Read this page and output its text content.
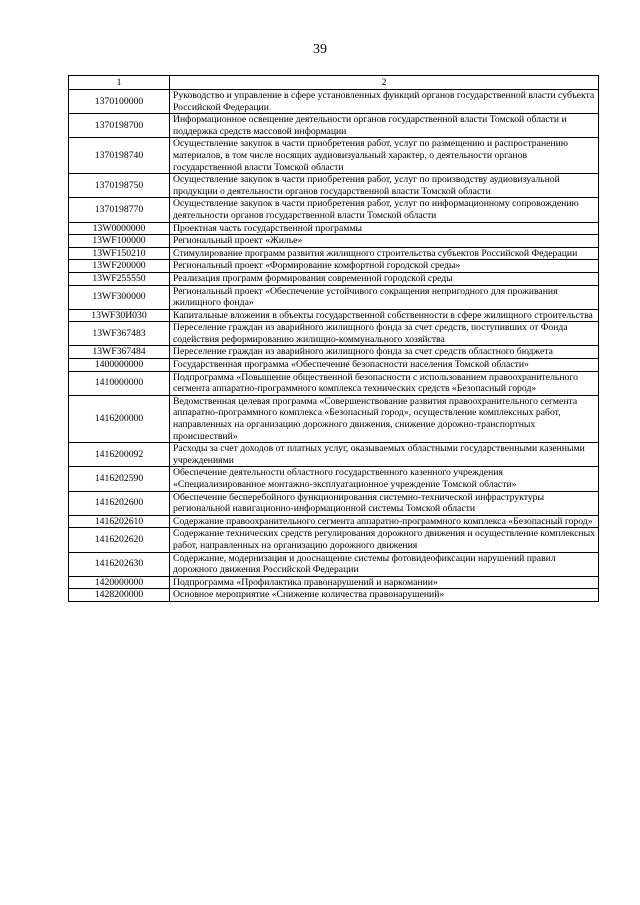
39
1	2
1370100000	Руководство и управление в сфере установленных функций органов государственной власти субъекта Российской Федерации
1370198700	Информационное освещение деятельности органов государственной власти Томской области и поддержка средств массовой информации
1370198740	Осуществление закупок в части приобретения работ, услуг по размещению и распространению материалов, в том числе носящих аудиовизуальный характер, о деятельности органов государственной власти Томской области
1370198750	Осуществление закупок в части приобретения работ, услуг по производству аудиовизуальной продукции о деятельности органов государственной власти Томской области
1370198770	Осуществление закупок в части приобретения работ, услуг по информационному сопровождению деятельности органов государственной власти Томской области
13W0000000	Проектная часть государственной программы
13WF100000	Региональный проект «Жилье»
13WF150210	Стимулирование программ развития жилищного строительства субъектов Российской Федерации
13WF200000	Региональный проект «Формирование комфортной городской среды»
13WF255550	Реализация программ формирования современной городской среды
13WF300000	Региональный проект «Обеспечение устойчивого сокращения непригодного для проживания жилищного фонда»
13WF30И030	Капитальные вложения в объекты государственной собственности в сфере жилищного строительства
13WF367483	Переселение граждан из аварийного жилищного фонда за счет средств, поступивших от Фонда содействия реформированию жилищно-коммунального хозяйства
13WF367484	Переселение граждан из аварийного жилищного фонда за счет средств областного бюджета
1400000000	Государственная программа «Обеспечение безопасности населения Томской области»
1410000000	Подпрограмма «Повышение общественной безопасности с использованием правоохранительного сегмента аппаратно-программного комплекса технических средств «Безопасный город»
1416200000	Ведомственная целевая программа «Совершенствование развития правоохранительного сегмента аппаратно-программного комплекса «Безопасный город», осуществление комплексных работ, направленных на организацию дорожного движения, снижение дорожно-транспортных происшествий»
1416200092	Расходы за счет доходов от платных услуг, оказываемых областными государственными казенными учреждениями
1416202590	Обеспечение деятельности областного государственного казенного учреждения «Специализированное монтажно-эксплуатационное учреждение Томской области»
1416202600	Обеспечение бесперебойного функционирования системно-технической инфраструктуры региональной навигационно-информационной системы Томской области
1416202610	Содержание правоохранительного сегмента аппаратно-программного комплекса «Безопасный город»
1416202620	Содержание технических средств регулирования дорожного движения и осуществление комплексных работ, направленных на организацию дорожного движения
1416202630	Содержание, модернизация и дооснащение системы фотовидеофиксации нарушений правил дорожного движения Российской Федерации
1420000000	Подпрограмма «Профилактика правонарушений и наркомании»
1428200000	Основное мероприятие «Снижение количества правонарушений»
